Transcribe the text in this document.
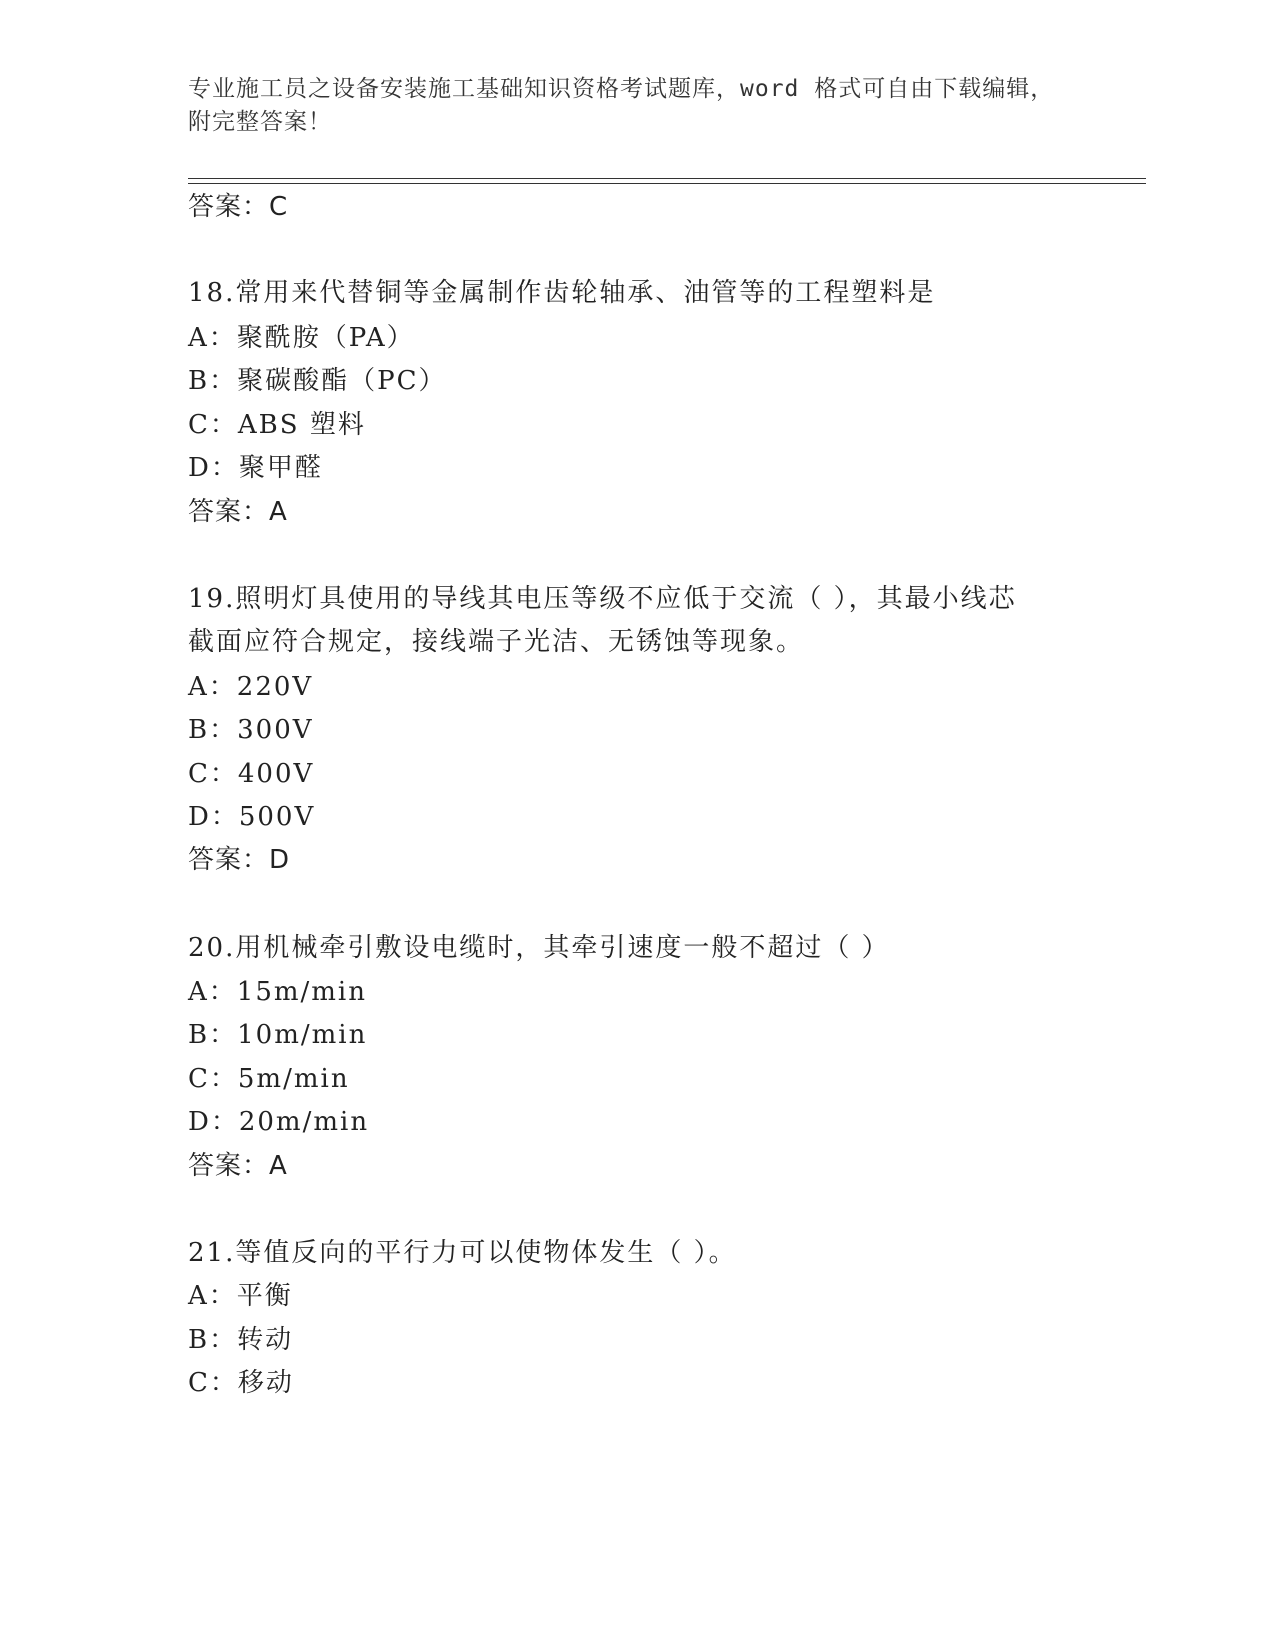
专业施工员之设备安装施工基础知识资格考试题库，word 格式可自由下载编辑，
附完整答案！
答案：C
18.常用来代替铜等金属制作齿轮轴承、油管等的工程塑料是
A：聚酰胺（PA）
B：聚碳酸酯（PC）
C：ABS 塑料
D：聚甲醛
答案：A
19.照明灯具使用的导线其电压等级不应低于交流（ ），其最小线芯
截面应符合规定，接线端子光洁、无锈蚀等现象。
A：220V
B：300V
C：400V
D：500V
答案：D
20.用机械牵引敷设电缆时，其牵引速度一般不超过（ ）
A：15m/min
B：10m/min
C：5m/min
D：20m/min
答案：A
21.等值反向的平行力可以使物体发生（ ）。
A：平衡
B：转动
C：移动
